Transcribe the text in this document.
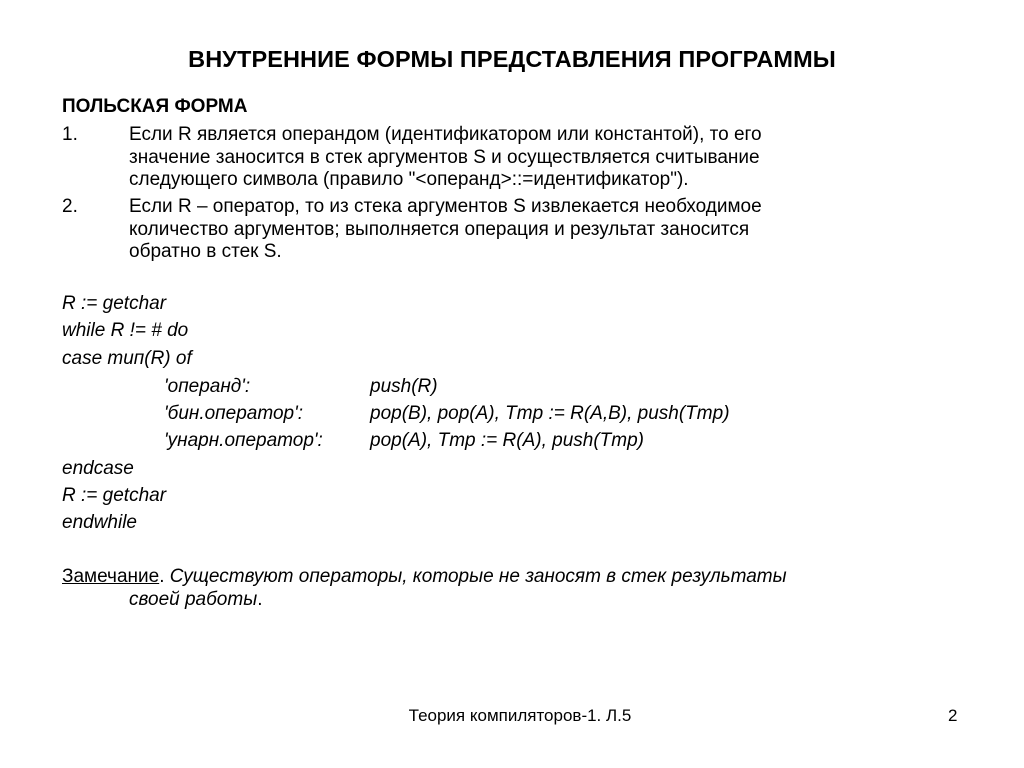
ВНУТРЕННИЕ ФОРМЫ ПРЕДСТАВЛЕНИЯ ПРОГРАММЫ
ПОЛЬСКАЯ ФОРМА
1.	Если R является операндом (идентификатором или константой), то его
значение заносится в стек аргументов S и осуществляется считывание
следующего символа (правило "<операнд>::=идентификатор").
2.	Если R – оператор, то из стека аргументов S извлекается необходимое
количество аргументов; выполняется операция и результат заносится
обратно в стек S.
R := getchar
while R != # do
case тип(R) of
'операнд':	push(R)
'бин.оператор':	pop(B), pop(A), Tmp := R(A,B), push(Tmp)
'унарн.оператор': pop(A), Tmp := R(A), push(Tmp)
endcase
R := getchar
endwhile
Замечание. Существуют операторы, которые не заносят в стек результаты
своей работы.
Теория компиляторов-1. Л.5	2
